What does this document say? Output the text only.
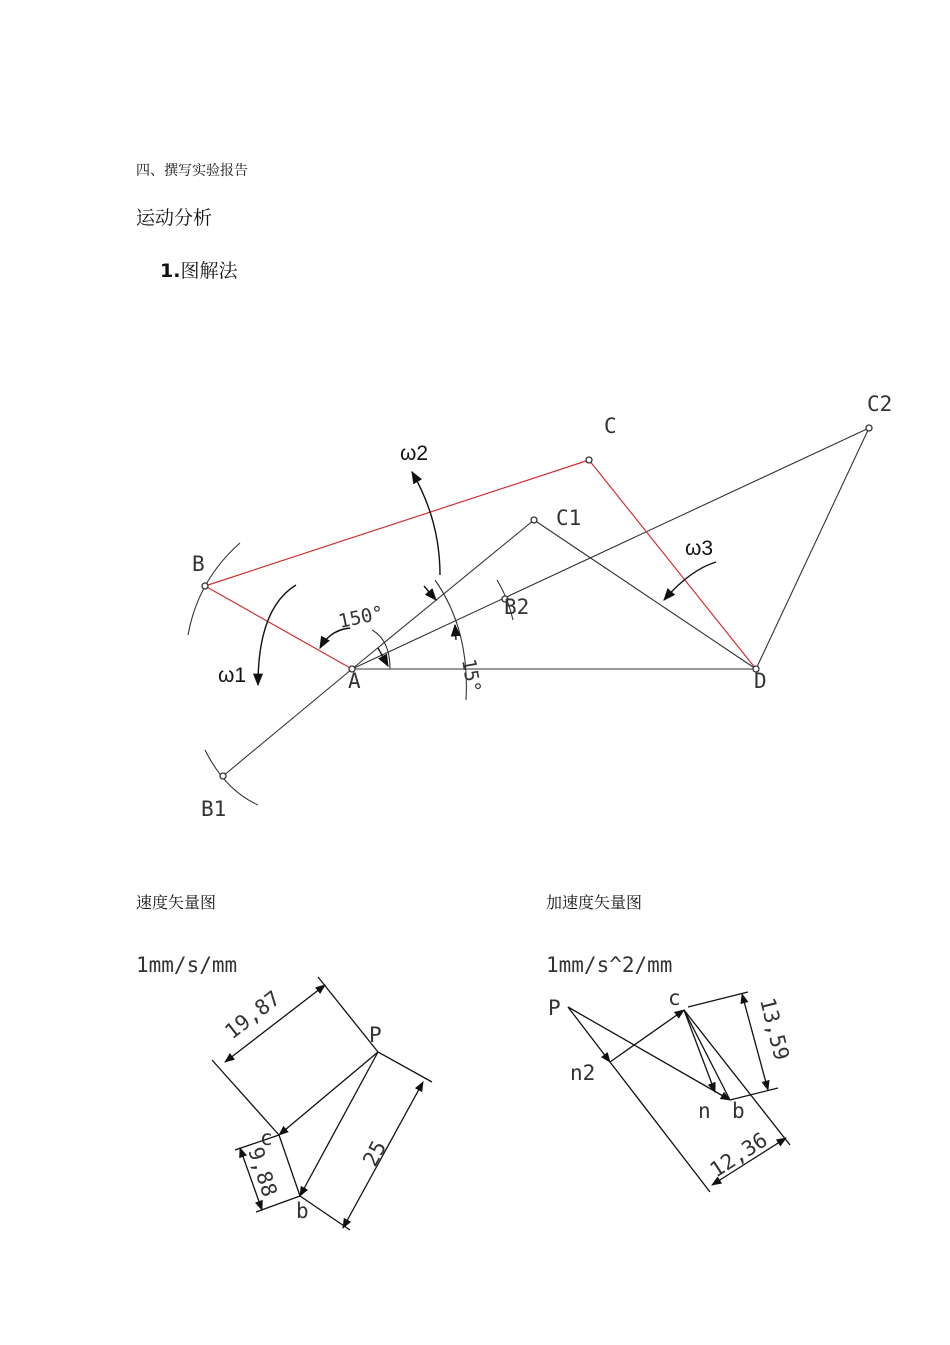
四、撰写实验报告
运动分析
1.图解法
B
C
A	D
B1
C1
B2
C2
150°
15°
ω1
ω2
ω3
速度矢量图	加速度矢量图
1mm/s/mm
P
c
b
19,87
25
9,88
1mm/s^2/mm
P	c
n2
n b
13,59
12,36
